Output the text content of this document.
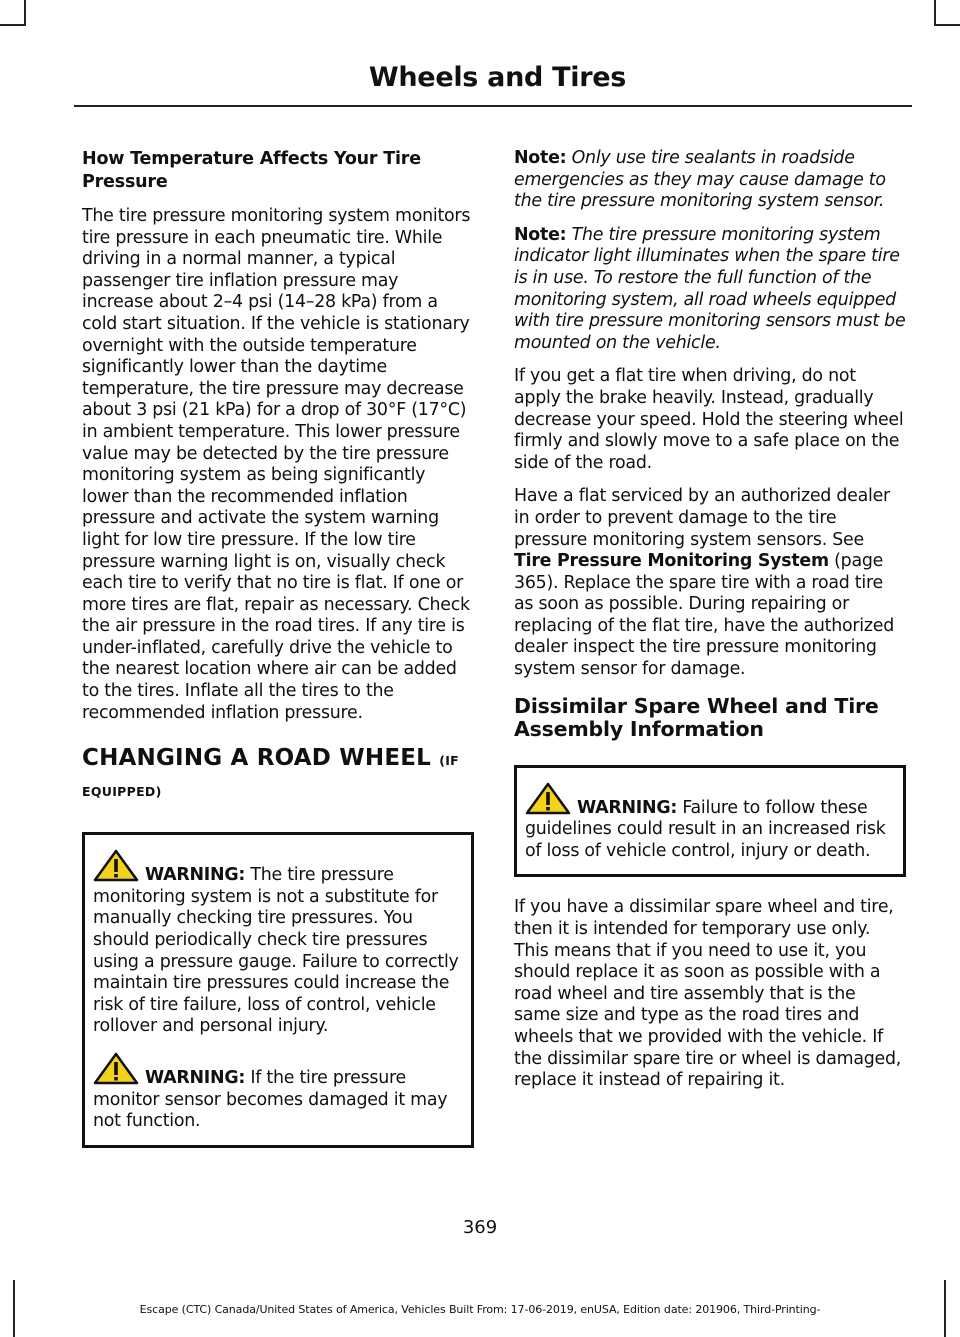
Wheels and Tires
How Temperature Affects Your Tire Pressure

The tire pressure monitoring system monitors tire pressure in each pneumatic tire. While driving in a normal manner, a typical passenger tire inflation pressure may increase about 2–4 psi (14–28 kPa) from a cold start situation. If the vehicle is stationary overnight with the outside temperature significantly lower than the daytime temperature, the tire pressure may decrease about 3 psi (21 kPa) for a drop of 30°F (17°C) in ambient temperature. This lower pressure value may be detected by the tire pressure monitoring system as being significantly lower than the recommended inflation pressure and activate the system warning light for low tire pressure. If the low tire pressure warning light is on, visually check each tire to verify that no tire is flat. If one or more tires are flat, repair as necessary. Check the air pressure in the road tires. If any tire is under-inflated, carefully drive the vehicle to the nearest location where air can be added to the tires. Inflate all the tires to the recommended inflation pressure.

CHANGING A ROAD WHEEL (IF
EQUIPPED)
WARNING: The tire pressure monitoring system is not a substitute for manually checking tire pressures. You should periodically check tire pressures using a pressure gauge. Failure to correctly maintain tire pressures could increase the risk of tire failure, loss of control, vehicle rollover and personal injury.
WARNING: If the tire pressure monitor sensor becomes damaged it may not function.

Note: Only use tire sealants in roadside emergencies as they may cause damage to the tire pressure monitoring system sensor.

Note: The tire pressure monitoring system indicator light illuminates when the spare tire is in use. To restore the full function of the monitoring system, all road wheels equipped with tire pressure monitoring sensors must be mounted on the vehicle.

If you get a flat tire when driving, do not apply the brake heavily. Instead, gradually decrease your speed. Hold the steering wheel firmly and slowly move to a safe place on the side of the road.

Have a flat serviced by an authorized dealer in order to prevent damage to the tire pressure monitoring system sensors. See Tire Pressure Monitoring System (page 365). Replace the spare tire with a road tire as soon as possible. During repairing or replacing of the flat tire, have the authorized dealer inspect the tire pressure monitoring system sensor for damage.

Dissimilar Spare Wheel and Tire Assembly Information
WARNING: Failure to follow these guidelines could result in an increased risk of loss of vehicle control, injury or death.

If you have a dissimilar spare wheel and tire, then it is intended for temporary use only. This means that if you need to use it, you should replace it as soon as possible with a road wheel and tire assembly that is the same size and type as the road tires and wheels that we provided with the vehicle. If the dissimilar spare tire or wheel is damaged, replace it instead of repairing it.

369
Escape (CTC) Canada/United States of America, Vehicles Built From: 17-06-2019, enUSA, Edition date: 201906, Third-Printing-
